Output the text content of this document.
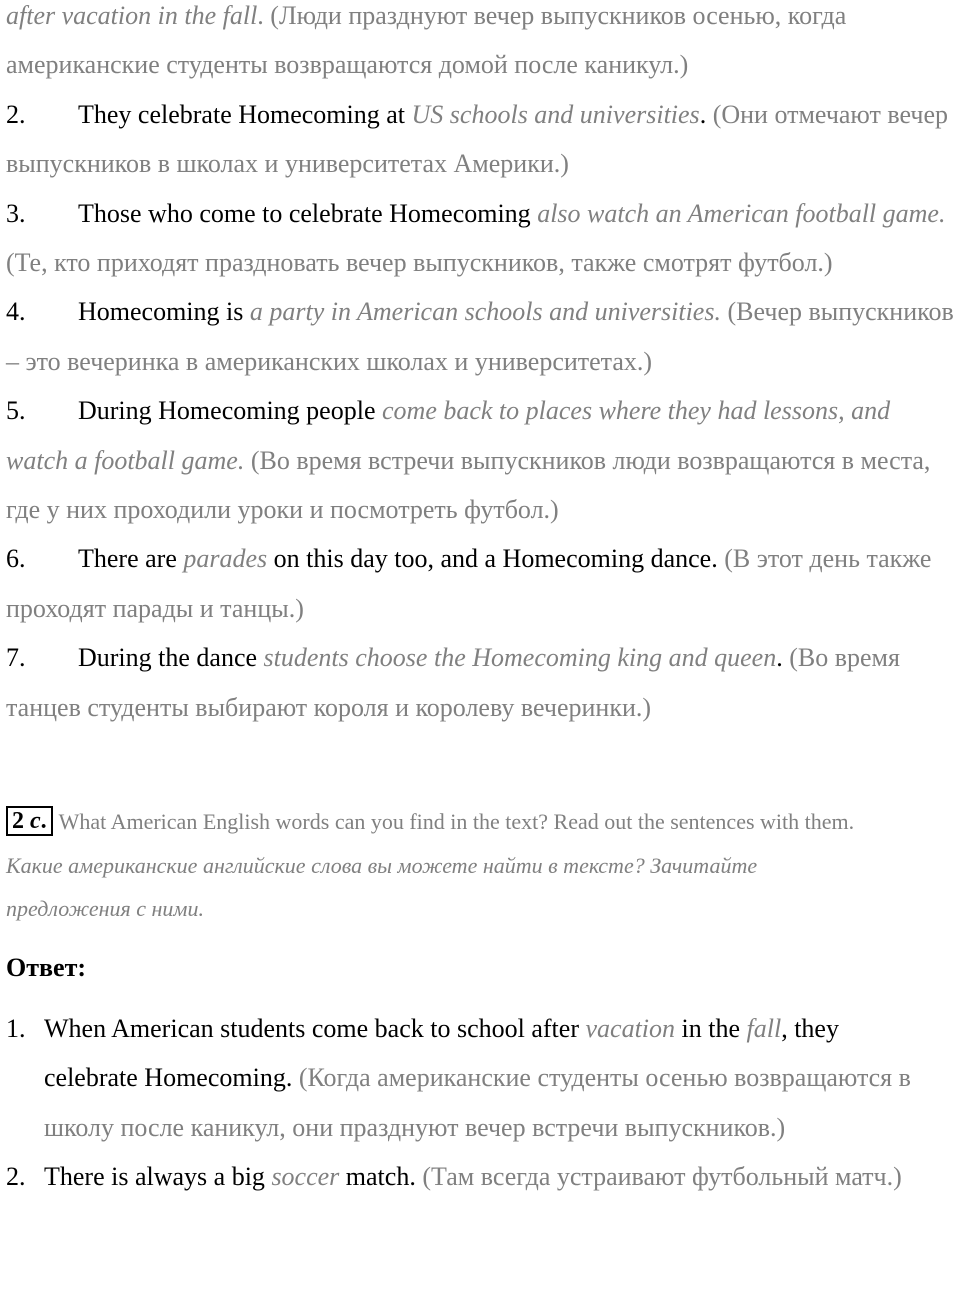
after vacation in the fall. (Люди празднуют вечер выпускников осенью, когда
американские студенты возвращаются домой после каникул.)
2. They celebrate Homecoming at US schools and universities. (Они отмечают вечер выпускников в школах и университетах Америки.)
3. Those who come to celebrate Homecoming also watch an American football game. (Те, кто приходят праздновать вечер выпускников, также смотрят футбол.)
4. Homecoming is a party in American schools and universities. (Вечер выпускников – это вечеринка в американских школах и университетах.)
5. During Homecoming people come back to places where they had lessons, and watch a football game. (Во время встречи выпускников люди возвращаются в места, где у них проходили уроки и посмотреть футбол.)
6. There are parades on this day too, and a Homecoming dance. (В этот день также проходят парады и танцы.)
7. During the dance students choose the Homecoming king and queen. (Во время танцев студенты выбирают короля и королеву вечеринки.)
2 c. What American English words can you find in the text? Read out the sentences with them.
Какие американские английские слова вы можете найти в тексте? Зачитайте
предложения с ними.
Ответ:
1. When American students come back to school after vacation in the fall, they celebrate Homecoming. (Когда американские студенты осенью возвращаются в школу после каникул, они празднуют вечер встречи выпускников.)
2. There is always a big soccer match. (Там всегда устраивают футбольный матч.)
